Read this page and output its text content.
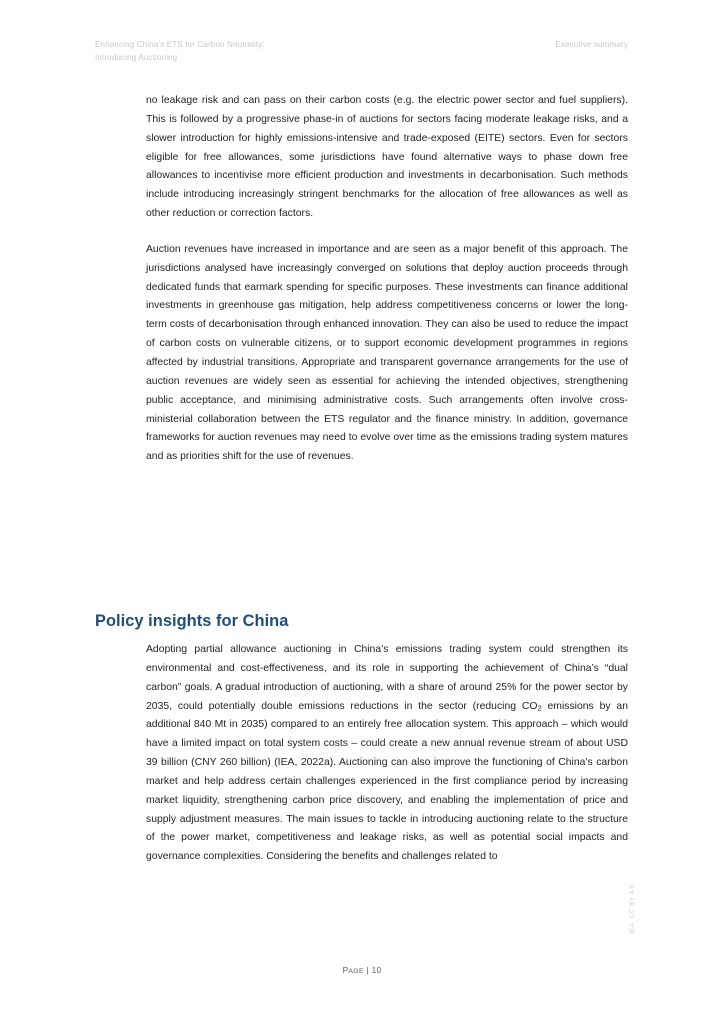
Enhancing China’s ETS for Carbon Neutrality:
Introducing Auctioning
Executive summary

no leakage risk and can pass on their carbon costs (e.g. the electric power sector and fuel suppliers). This is followed by a progressive phase-in of auctions for sectors facing moderate leakage risks, and a slower introduction for highly emissions-intensive and trade-exposed (EITE) sectors. Even for sectors eligible for free allowances, some jurisdictions have found alternative ways to phase down free allowances to incentivise more efficient production and investments in decarbonisation. Such methods include introducing increasingly stringent benchmarks for the allocation of free allowances as well as other reduction or correction factors.

Auction revenues have increased in importance and are seen as a major benefit of this approach. The jurisdictions analysed have increasingly converged on solutions that deploy auction proceeds through dedicated funds that earmark spending for specific purposes. These investments can finance additional investments in greenhouse gas mitigation, help address competitiveness concerns or lower the long-term costs of decarbonisation through enhanced innovation. They can also be used to reduce the impact of carbon costs on vulnerable citizens, or to support economic development programmes in regions affected by industrial transitions. Appropriate and transparent governance arrangements for the use of auction revenues are widely seen as essential for achieving the intended objectives, strengthening public acceptance, and minimising administrative costs. Such arrangements often involve cross-ministerial collaboration between the ETS regulator and the finance ministry. In addition, governance frameworks for auction revenues may need to evolve over time as the emissions trading system matures and as priorities shift for the use of revenues.

Policy insights for China

Adopting partial allowance auctioning in China’s emissions trading system could strengthen its environmental and cost-effectiveness, and its role in supporting the achievement of China’s “dual carbon” goals. A gradual introduction of auctioning, with a share of around 25% for the power sector by 2035, could potentially double emissions reductions in the sector (reducing $CO_2$ emissions by an additional 840 Mt in 2035) compared to an entirely free allocation system. This approach – which would have a limited impact on total system costs – could create a new annual revenue stream of about USD 39 billion (CNY 260 billion) (IEA, 2022a). Auctioning can also improve the functioning of China’s carbon market and help address certain challenges experienced in the first compliance period by increasing market liquidity, strengthening carbon price discovery, and enabling the implementation of price and supply adjustment measures. The main issues to tackle in introducing auctioning relate to the structure of the power market, competitiveness and leakage risks, as well as potential social impacts and governance complexities. Considering the benefits and challenges related to

PAGE | 10
IEA. CC BY 4.0
